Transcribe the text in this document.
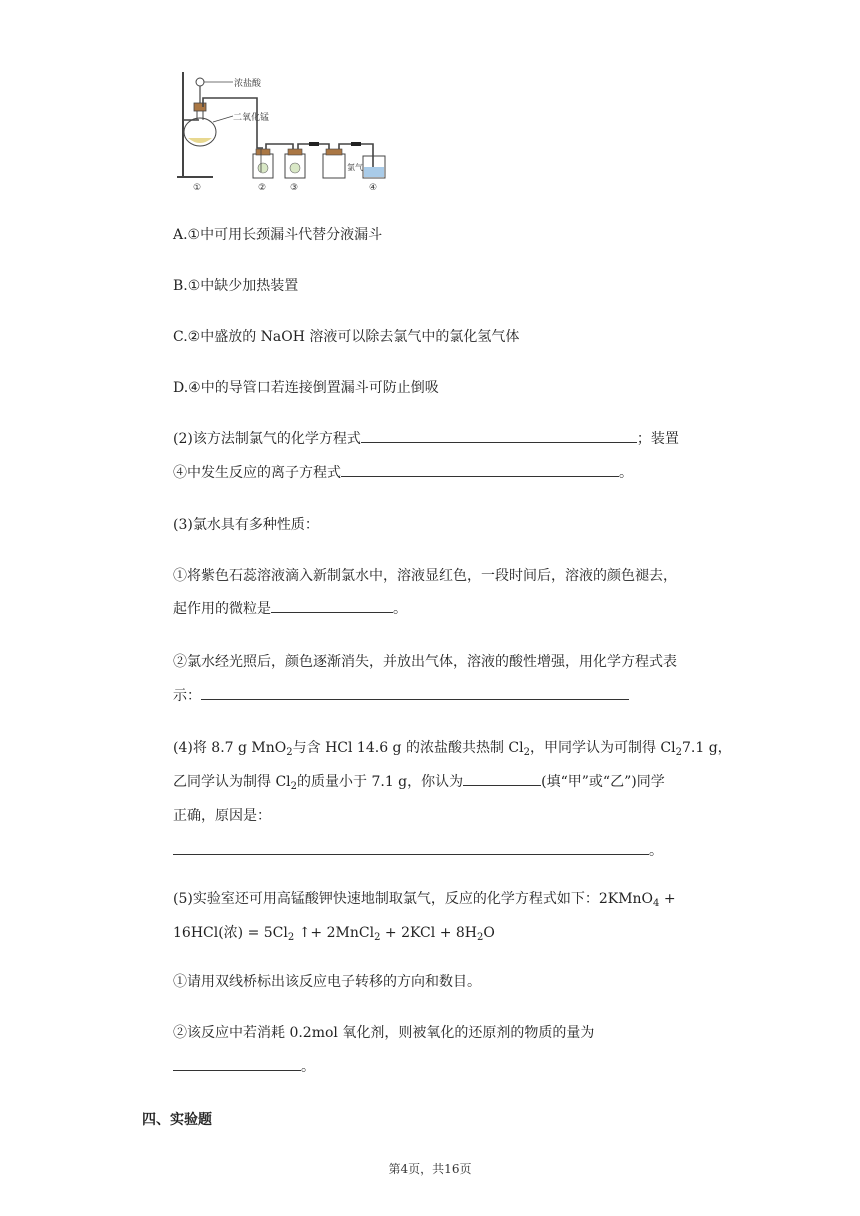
浓盐酸
二氧化锰
氯气
①	②	③	④
A.①中可用长颈漏斗代替分液漏斗
B.①中缺少加热装置
C.②中盛放的 NaOH 溶液可以除去氯气中的氯化氢气体
D.④中的导管口若连接倒置漏斗可防止倒吸
(2)该方法制氯气的化学方程式	；装置
④中发生反应的离子方程式	。
(3)氯水具有多种性质：
①将紫色石蕊溶液滴入新制氯水中，溶液显红色，一段时间后，溶液的颜色褪去，
起作用的微粒是	。
②氯水经光照后，颜色逐渐消失，并放出气体，溶液的酸性增强，用化学方程式表
示：
(4)将 8.7 g MnO$_2$与含 HCl 14.6 g 的浓盐酸共热制 $Cl_2$，甲同学认为可制得 $Cl_27.1$ g，
乙同学认为制得 $Cl_2$的质量小于 7.1 g，你认为	(填“甲”或“乙”)同学
正确，原因是：
。
(5)实验室还可用高锰酸钾快速地制取氯气，反应的化学方程式如下：2KMnO$_4$ +
16HCl(浓) = $5Cl_2$ ↑+ 2MnCl$_2$ + $2KCl + 8H_2O$
①请用双线桥标出该反应电子转移的方向和数目。
②该反应中若消耗 0.2mol 氧化剂，则被氧化的还原剂的物质的量为
。
四、实验题
第4页，共16页
